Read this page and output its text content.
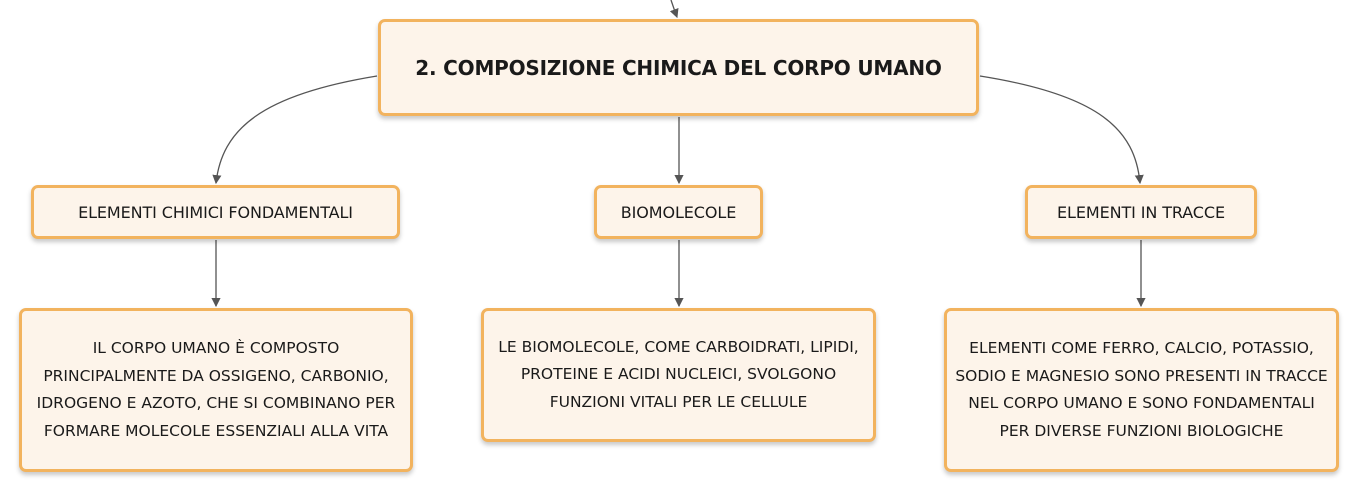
2. COMPOSIZIONE CHIMICA DEL CORPO UMANO
ELEMENTI CHIMICI FONDAMENTALI	BIOMOLECOLE	ELEMENTI IN TRACCE
IL CORPO UMANO È COMPOSTO PRINCIPALMENTE DA OSSIGENO, CARBONIO, IDROGENO E AZOTO, CHE SI COMBINANO PER FORMARE MOLECOLE ESSENZIALI ALLA VITA
LE BIOMOLECOLE, COME CARBOIDRATI, LIPIDI, PROTEINE E ACIDI NUCLEICI, SVOLGONO FUNZIONI VITALI PER LE CELLULE
ELEMENTI COME FERRO, CALCIO, POTASSIO, SODIO E MAGNESIO SONO PRESENTI IN TRACCE NEL CORPO UMANO E SONO FONDAMENTALI PER DIVERSE FUNZIONI BIOLOGICHE
